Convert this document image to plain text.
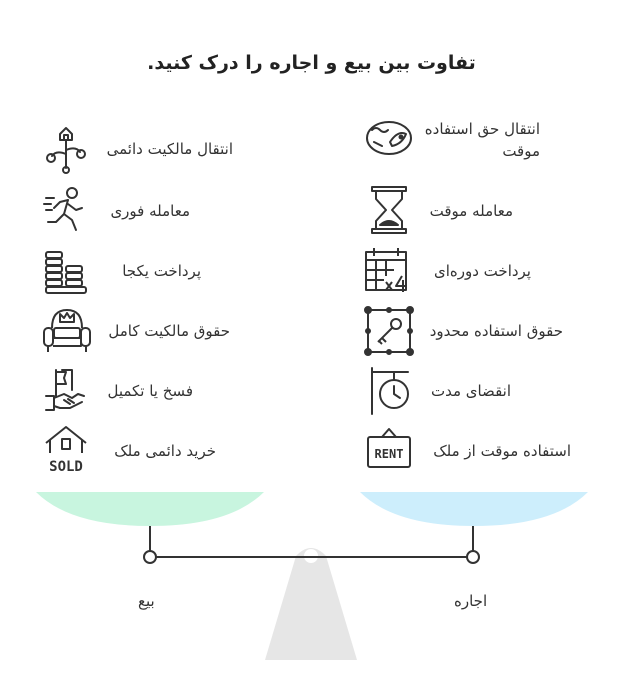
تفاوت بین بیع و اجاره را درک کنید.
انتقال مالکیت دائمی
معامله فوری
پرداخت یکجا
حقوق مالکیت کامل
فسخ یا تکمیل
SOLD
خرید دائمی ملک
انتقال حق استفاده
موقت
معامله موقت
پرداخت دوره‌ای
حقوق استفاده محدود
انقضای مدت
RENT استفاده موقت از ملک
بیع	اجاره
